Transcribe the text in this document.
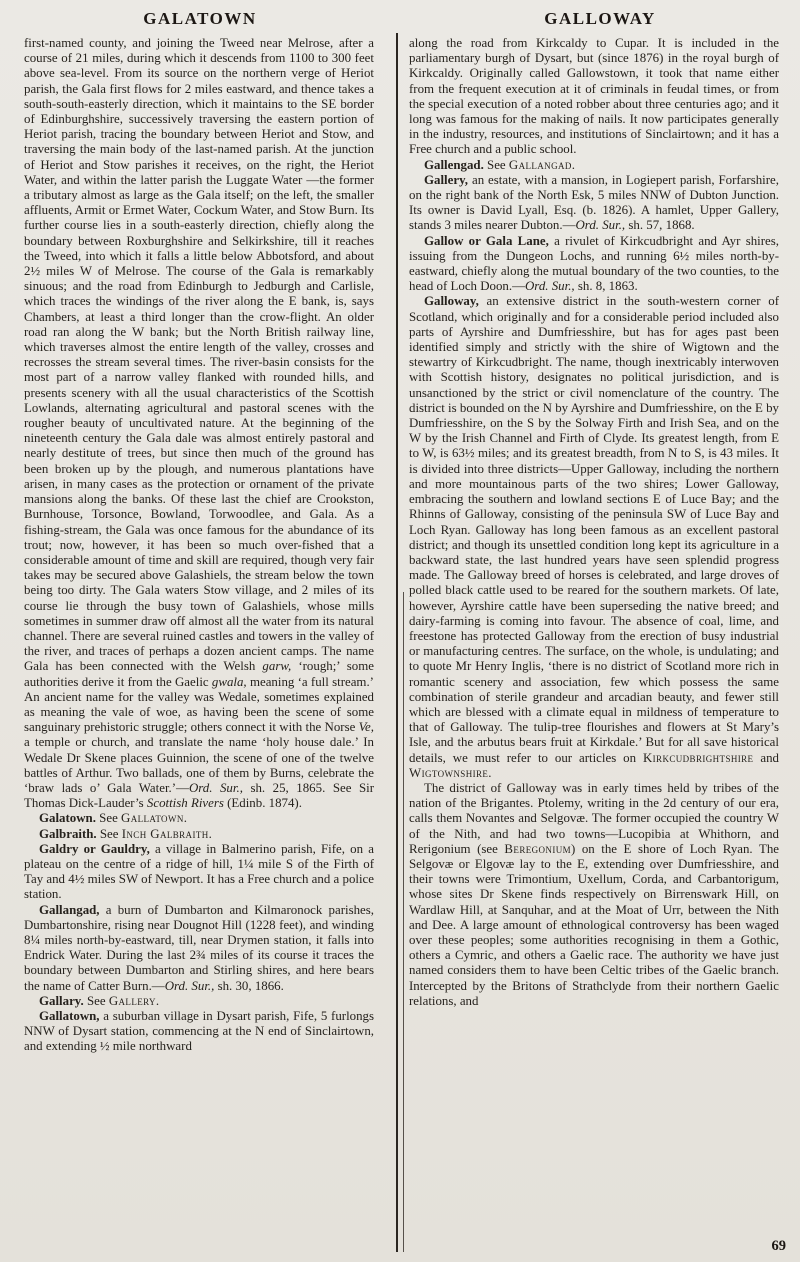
GALATOWN	GALLOWAY

first-named county, and joining the Tweed near Melrose, after a course of 21 miles, during which it descends from 1100 to 300 feet above sea-level. From its source on the northern verge of Heriot parish, the Gala first flows for 2 miles eastward, and thence takes a south-south-easterly direction, which it maintains to the SE border of Edinburghshire, successively traversing the eastern portion of Heriot parish, tracing the boundary between Heriot and Stow, and traversing the main body of the last-named parish. At the junction of Heriot and Stow parishes it receives, on the right, the Heriot Water, and within the latter parish the Luggate Water —the former a tributary almost as large as the Gala itself; on the left, the smaller affluents, Armit or Ermet Water, Cockum Water, and Stow Burn. Its further course lies in a south-easterly direction, chiefly along the boundary between Roxburghshire and Selkirkshire, till it reaches the Tweed, into which it falls a little below Abbotsford, and about 2½ miles W of Melrose. The course of the Gala is remarkably sinuous; and the road from Edinburgh to Jedburgh and Carlisle, which traces the windings of the river along the E bank, is, says Chambers, at least a third longer than the crow-flight. An older road ran along the W bank; but the North British railway line, which traverses almost the entire length of the valley, crosses and recrosses the stream several times. The river-basin consists for the most part of a narrow valley flanked with rounded hills, and presents scenery with all the usual characteristics of the Scottish Lowlands, alternating agricultural and pastoral scenes with the rougher beauty of uncultivated nature. At the beginning of the nineteenth century the Gala dale was almost entirely pastoral and nearly destitute of trees, but since then much of the ground has been broken up by the plough, and numerous plantations have arisen, in many cases as the protection or ornament of the private mansions along the banks. Of these last the chief are Crookston, Burnhouse, Torsonce, Bowland, Torwoodlee, and Gala. As a fishing-stream, the Gala was once famous for the abundance of its trout; now, however, it has been so much over-fished that a considerable amount of time and skill are required, though very fair takes may be secured above Galashiels, the stream below the town being too dirty. The Gala waters Stow village, and 2 miles of its course lie through the busy town of Galashiels, whose mills sometimes in summer draw off almost all the water from its natural channel. There are several ruined castles and towers in the valley of the river, and traces of perhaps a dozen ancient camps. The name Gala has been connected with the Welsh garw, ‘rough;’ some authorities derive it from the Gaelic gwala, meaning ‘a full stream.’ An ancient name for the valley was Wedale, sometimes explained as meaning the vale of woe, as having been the scene of some sanguinary prehistoric struggle; others connect it with the Norse Ve, a temple or church, and translate the name ‘holy house dale.’ In Wedale Dr Skene places Guinnion, the scene of one of the twelve battles of Arthur. Two ballads, one of them by Burns, celebrate the ‘braw lads o’ Gala Water.’—Ord. Sur., sh. 25, 1865. See Sir Thomas Dick-Lauder’s Scottish Rivers (Edinb. 1874).

Galatown. See Gallatown.

Galbraith. See Inch Galbraith.

Galdry or Gauldry, a village in Balmerino parish, Fife, on a plateau on the centre of a ridge of hill, 1¼ mile S of the Firth of Tay and 4½ miles SW of Newport. It has a Free church and a police station.

Gallangad, a burn of Dumbarton and Kilmaronock parishes, Dumbartonshire, rising near Dougnot Hill (1228 feet), and winding 8¼ miles north-by-eastward, till, near Drymen station, it falls into Endrick Water. During the last 2¾ miles of its course it traces the boundary between Dumbarton and Stirling shires, and here bears the name of Catter Burn.—Ord. Sur., sh. 30, 1866.

Gallary. See Gallery.

Gallatown, a suburban village in Dysart parish, Fife, 5 furlongs NNW of Dysart station, commencing at the N end of Sinclairtown, and extending ½ mile northward

along the road from Kirkcaldy to Cupar. It is included in the parliamentary burgh of Dysart, but (since 1876) in the royal burgh of Kirkcaldy. Originally called Gallowstown, it took that name either from the frequent execution at it of criminals in feudal times, or from the special execution of a noted robber about three centuries ago; and it long was famous for the making of nails. It now participates generally in the industry, resources, and institutions of Sinclairtown; and it has a Free church and a public school.

Gallengad. See Gallangad.

Gallery, an estate, with a mansion, in Logiepert parish, Forfarshire, on the right bank of the North Esk, 5 miles NNW of Dubton Junction. Its owner is David Lyall, Esq. (b. 1826). A hamlet, Upper Gallery, stands 3 miles nearer Dubton.—Ord. Sur., sh. 57, 1868.

Gallow or Gala Lane, a rivulet of Kirkcudbright and Ayr shires, issuing from the Dungeon Lochs, and running 6½ miles north-by-eastward, chiefly along the mutual boundary of the two counties, to the head of Loch Doon.—Ord. Sur., sh. 8, 1863.

Galloway, an extensive district in the south-western corner of Scotland, which originally and for a considerable period included also parts of Ayrshire and Dumfriesshire, but has for ages past been identified simply and strictly with the shire of Wigtown and the stewartry of Kirkcudbright. The name, though inextricably interwoven with Scottish history, designates no political jurisdiction, and is unsanctioned by the strict or civil nomenclature of the country. The district is bounded on the N by Ayrshire and Dumfriesshire, on the E by Dumfriesshire, on the S by the Solway Firth and Irish Sea, and on the W by the Irish Channel and Firth of Clyde. Its greatest length, from E to W, is 63½ miles; and its greatest breadth, from N to S, is 43 miles. It is divided into three districts—Upper Galloway, including the northern and more mountainous parts of the two shires; Lower Galloway, embracing the southern and lowland sections E of Luce Bay; and the Rhinns of Galloway, consisting of the peninsula SW of Luce Bay and Loch Ryan. Galloway has long been famous as an excellent pastoral district; and though its unsettled condition long kept its agriculture in a backward state, the last hundred years have seen splendid progress made. The Galloway breed of horses is celebrated, and large droves of polled black cattle used to be reared for the southern markets. Of late, however, Ayrshire cattle have been superseding the native breed; and dairy-farming is coming into favour. The absence of coal, lime, and freestone has protected Galloway from the erection of busy industrial or manufacturing centres. The surface, on the whole, is undulating; and to quote Mr Henry Inglis, ‘there is no district of Scotland more rich in romantic scenery and association, few which possess the same combination of sterile grandeur and arcadian beauty, and fewer still which are blessed with a climate equal in mildness of temperature to that of Galloway. The tulip-tree flourishes and flowers at St Mary’s Isle, and the arbutus bears fruit at Kirkdale.’ But for all save historical details, we must refer to our articles on Kirkcudbrightshire and Wigtownshire.

The district of Galloway was in early times held by tribes of the nation of the Brigantes. Ptolemy, writing in the 2d century of our era, calls them Novantes and Selgovæ. The former occupied the country W of the Nith, and had two towns—Lucopibia at Whithorn, and Rerigonium (see Beregonium) on the E shore of Loch Ryan. The Selgovæ or Elgovæ lay to the E, extending over Dumfriesshire, and their towns were Trimontium, Uxellum, Corda, and Carbantorigum, whose sites Dr Skene finds respectively on Birrenswark Hill, on Wardlaw Hill, at Sanquhar, and at the Moat of Urr, between the Nith and Dee. A large amount of ethnological controversy has been waged over these peoples; some authorities recognising in them a Gothic, others a Cymric, and others a Gaelic race. The authority we have just named considers them to have been Celtic tribes of the Gaelic branch. Intercepted by the Britons of Strathclyde from their northern Gaelic relations, and

69
